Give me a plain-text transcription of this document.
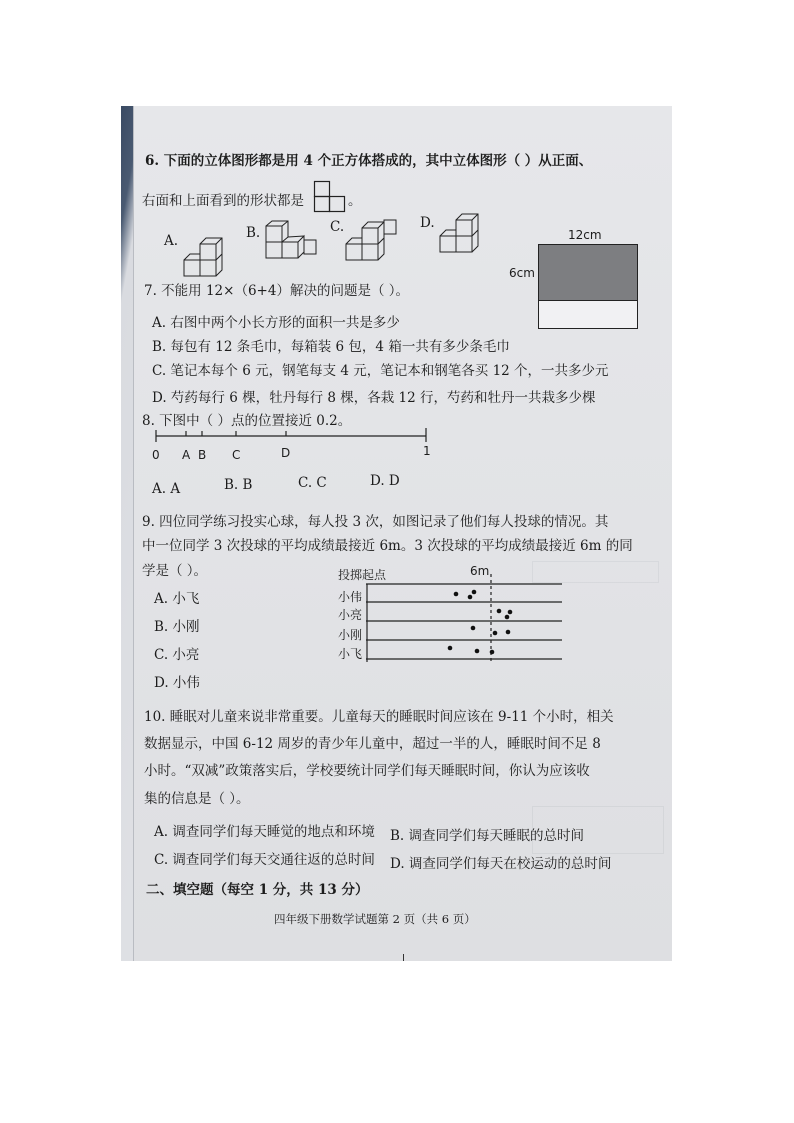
6. 下面的立体图形都是用 4 个正方体搭成的，其中立体图形（ ）从正面、
右面和上面看到的形状都是	。
A.	B.	C.	D.
12cm
6cm
7. 不能用 12×（6+4）解决的问题是（ ）。
A. 右图中两个小长方形的面积一共是多少
B. 每包有 12 条毛巾，每箱装 6 包，4 箱一共有多少条毛巾
C. 笔记本每个 6 元，钢笔每支 4 元，笔记本和钢笔各买 12 个，一共多少元
D. 芍药每行 6 棵，牡丹每行 8 棵，各栽 12 行，芍药和牡丹一共栽多少棵
8. 下图中（ ）点的位置接近 0.2。
0 A B C	D	1
A. A	B. B	C. C	D. D
9. 四位同学练习投实心球，每人投 3 次，如图记录了他们每人投球的情况。其
中一位同学 3 次投球的平均成绩最接近 6m。3 次投球的平均成绩最接近 6m 的同
学是（ ）。
A. 小飞
B. 小刚
C. 小亮
D. 小伟
投掷起点	6m
小伟
小亮
小刚
小飞
10. 睡眠对儿童来说非常重要。儿童每天的睡眠时间应该在 9-11 个小时，相关
数据显示，中国 6-12 周岁的青少年儿童中，超过一半的人，睡眠时间不足 8
小时。“双减”政策落实后，学校要统计同学们每天睡眠时间，你认为应该收
集的信息是（ ）。
A. 调查同学们每天睡觉的地点和环境 B. 调查同学们每天睡眠的总时间
C. 调查同学们每天交通往返的总时间 D. 调查同学们每天在校运动的总时间
二、填空题（每空 1 分，共 13 分）
四年级下册数学试题第 2 页（共 6 页）
